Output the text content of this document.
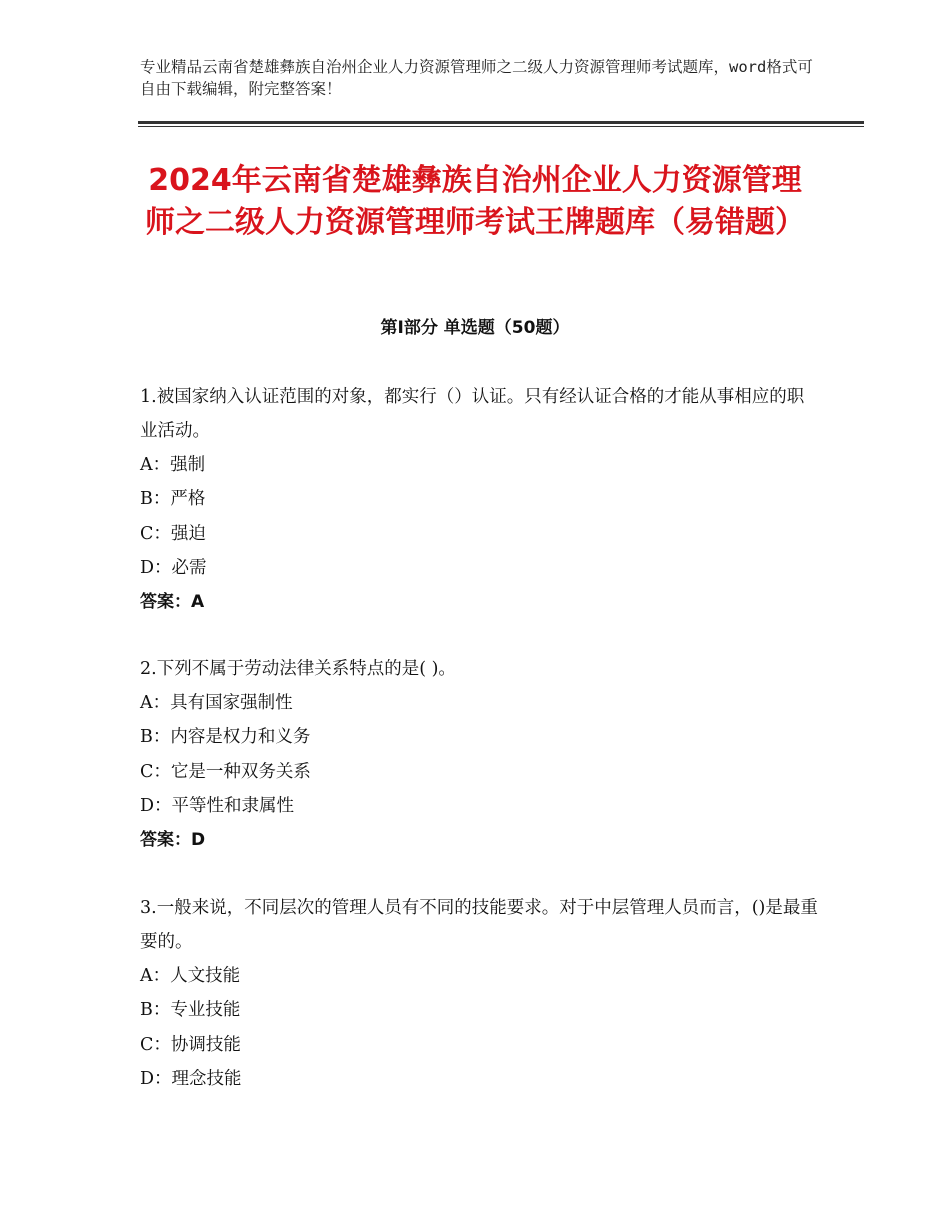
专业精品云南省楚雄彝族自治州企业人力资源管理师之二级人力资源管理师考试题库，word格式可自由下载编辑，附完整答案！

2024年云南省楚雄彝族自治州企业人力资源管理师之二级人力资源管理师考试王牌题库（易错题）
第Ⅰ部分 单选题（50题）

1.被国家纳入认证范围的对象，都实行（）认证。只有经认证合格的才能从事相应的职业活动。

A：强制

B：严格

C：强迫

D：必需

答案：A

2.下列不属于劳动法律关系特点的是( )。

A：具有国家强制性

B：内容是权力和义务

C：它是一种双务关系

D：平等性和隶属性

答案：D

3.一般来说，不同层次的管理人员有不同的技能要求。对于中层管理人员而言，()是最重要的。

A：人文技能

B：专业技能

C：协调技能

D：理念技能
